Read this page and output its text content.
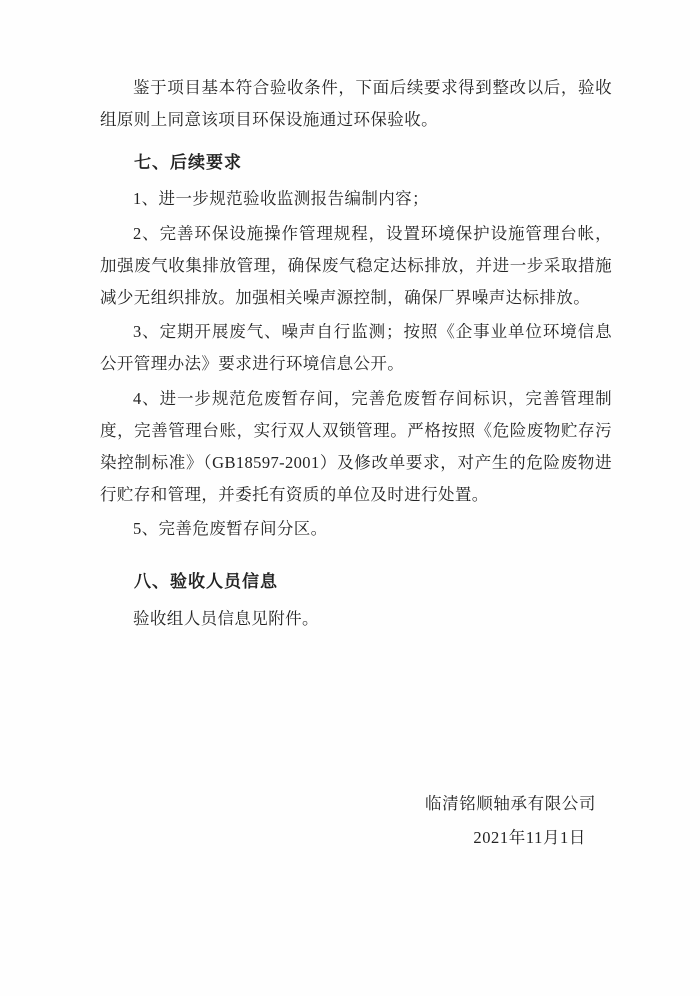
鉴于项目基本符合验收条件，下面后续要求得到整改以后，验收组原则上同意该项目环保设施通过环保验收。

七、后续要求

1、进一步规范验收监测报告编制内容；

2、完善环保设施操作管理规程，设置环境保护设施管理台帐，加强废气收集排放管理，确保废气稳定达标排放，并进一步采取措施减少无组织排放。加强相关噪声源控制，确保厂界噪声达标排放。

3、定期开展废气、噪声自行监测；按照《企事业单位环境信息公开管理办法》要求进行环境信息公开。

4、进一步规范危废暂存间，完善危废暂存间标识，完善管理制度，完善管理台账，实行双人双锁管理。严格按照《危险废物贮存污染控制标准》（GB18597-2001）及修改单要求，对产生的危险废物进行贮存和管理，并委托有资质的单位及时进行处置。

5、完善危废暂存间分区。

八、验收人员信息

验收组人员信息见附件。

临清铭顺轴承有限公司
2021年11月1日
